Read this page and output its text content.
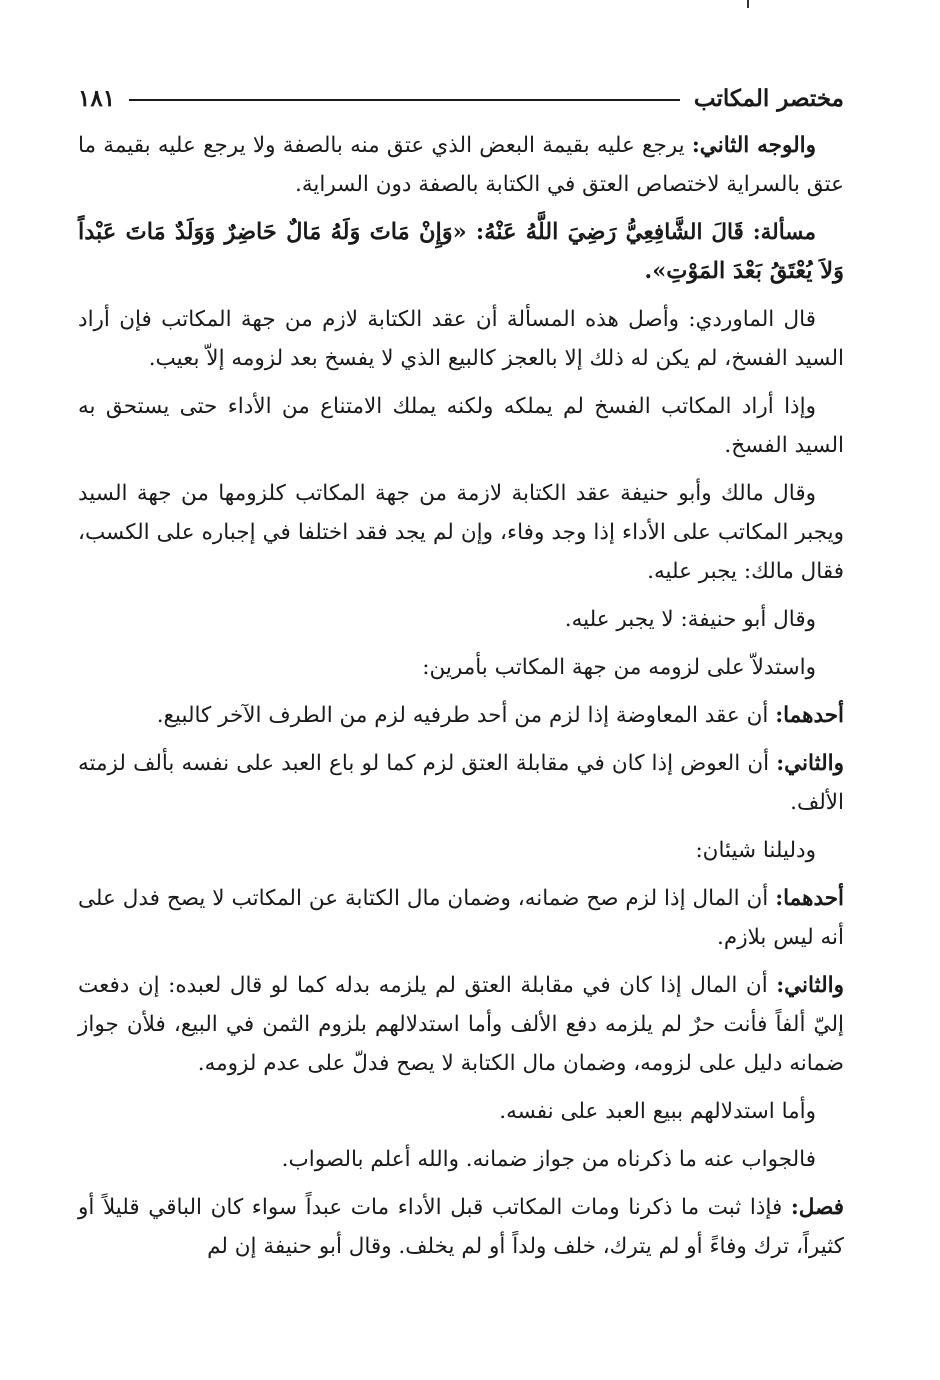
مختصر المكاتب
١٨١

والوجه الثاني: يرجع عليه بقيمة البعض الذي عتق منه بالصفة ولا يرجع عليه بقيمة ما عتق بالسراية لاختصاص العتق في الكتابة بالصفة دون السراية.

مسألة: قَالَ الشَّافِعِيُّ رَضِيَ اللَّهُ عَنْهُ: «وَإِنْ مَاتَ وَلَهُ مَالٌ حَاضِرٌ وَوَلَدٌ مَاتَ عَبْداً وَلاَ يُعْتَقُ بَعْدَ المَوْتِ».

قال الماوردي: وأصل هذه المسألة أن عقد الكتابة لازم من جهة المكاتب فإن أراد السيد الفسخ، لم يكن له ذلك إلا بالعجز كالبيع الذي لا يفسخ بعد لزومه إلاّ بعيب.

وإذا أراد المكاتب الفسخ لم يملكه ولكنه يملك الامتناع من الأداء حتى يستحق به السيد الفسخ.

وقال مالك وأبو حنيفة عقد الكتابة لازمة من جهة المكاتب كلزومها من جهة السيد ويجبر المكاتب على الأداء إذا وجد وفاء، وإن لم يجد فقد اختلفا في إجباره على الكسب، فقال مالك: يجبر عليه.

وقال أبو حنيفة: لا يجبر عليه.

واستدلاّ على لزومه من جهة المكاتب بأمرين:

أحدهما: أن عقد المعاوضة إذا لزم من أحد طرفيه لزم من الطرف الآخر كالبيع.

والثاني: أن العوض إذا كان في مقابلة العتق لزم كما لو باع العبد على نفسه بألف لزمته الألف.

ودليلنا شيئان:

أحدهما: أن المال إذا لزم صح ضمانه، وضمان مال الكتابة عن المكاتب لا يصح فدل على أنه ليس بلازم.

والثاني: أن المال إذا كان في مقابلة العتق لم يلزمه بدله كما لو قال لعبده: إن دفعت إليّ ألفاً فأنت حرٌ لم يلزمه دفع الألف وأما استدلالهم بلزوم الثمن في البيع، فلأن جواز ضمانه دليل على لزومه، وضمان مال الكتابة لا يصح فدلّ على عدم لزومه.

وأما استدلالهم ببيع العبد على نفسه.

فالجواب عنه ما ذكرناه من جواز ضمانه. والله أعلم بالصواب.

فصل: فإذا ثبت ما ذكرنا ومات المكاتب قبل الأداء مات عبداً سواء كان الباقي قليلاً أو كثيراً، ترك وفاءً أو لم يترك، خلف ولداً أو لم يخلف. وقال أبو حنيفة إن لم
